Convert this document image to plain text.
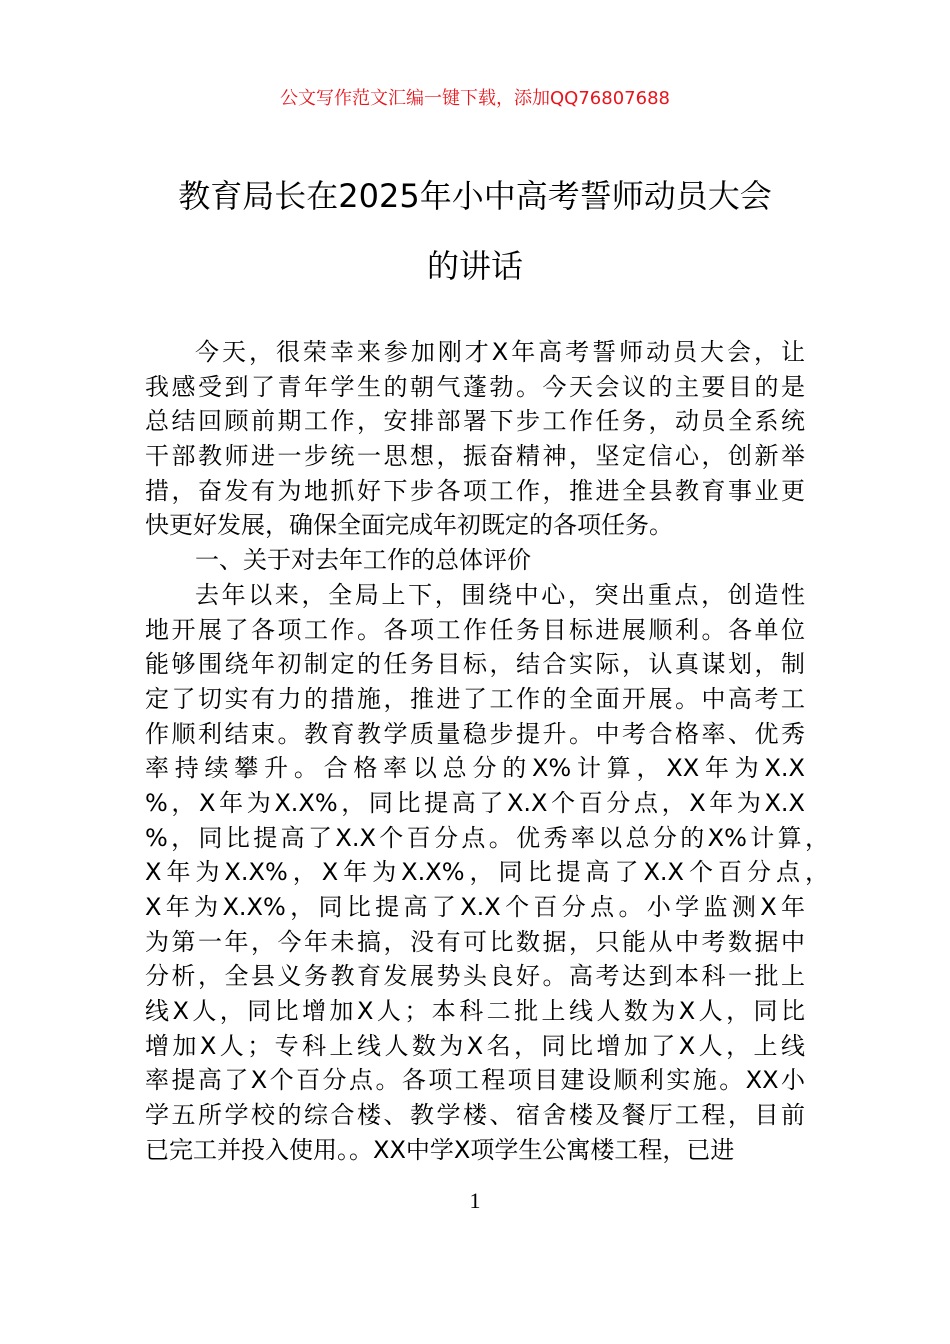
公文写作范文汇编一键下载，添加QQ76807688
教育局长在2025年小中高考誓师动员大会
的讲话
今天，很荣幸来参加刚才X年高考誓师动员大会，让
我感受到了青年学生的朝气蓬勃。今天会议的主要目的是
总结回顾前期工作，安排部署下步工作任务，动员全系统
干部教师进一步统一思想，振奋精神，坚定信心，创新举
措，奋发有为地抓好下步各项工作，推进全县教育事业更
快更好发展，确保全面完成年初既定的各项任务。
一、关于对去年工作的总体评价
去年以来，全局上下，围绕中心，突出重点，创造性
地开展了各项工作。各项工作任务目标进展顺利。各单位
能够围绕年初制定的任务目标，结合实际，认真谋划，制
定了切实有力的措施，推进了工作的全面开展。中高考工
作顺利结束。教育教学质量稳步提升。中考合格率、优秀
率持续攀升。合格率以总分的X%计算，XX年为X.X
%，X年为X.X%，同比提高了X.X个百分点，X年为X.X
%，同比提高了X.X个百分点。优秀率以总分的X%计算，
X年为X.X%，X年为X.X%，同比提高了X.X个百分点，
X年为X.X%，同比提高了X.X个百分点。小学监测X年
为第一年，今年未搞，没有可比数据，只能从中考数据中
分析，全县义务教育发展势头良好。高考达到本科一批上
线X人，同比增加X人；本科二批上线人数为X人，同比
增加X人；专科上线人数为X名，同比增加了X人，上线
率提高了X个百分点。各项工程项目建设顺利实施。XX小
学五所学校的综合楼、教学楼、宿舍楼及餐厅工程，目前
已完工并投入使用。。XX中学X项学生公寓楼工程，已进
1
